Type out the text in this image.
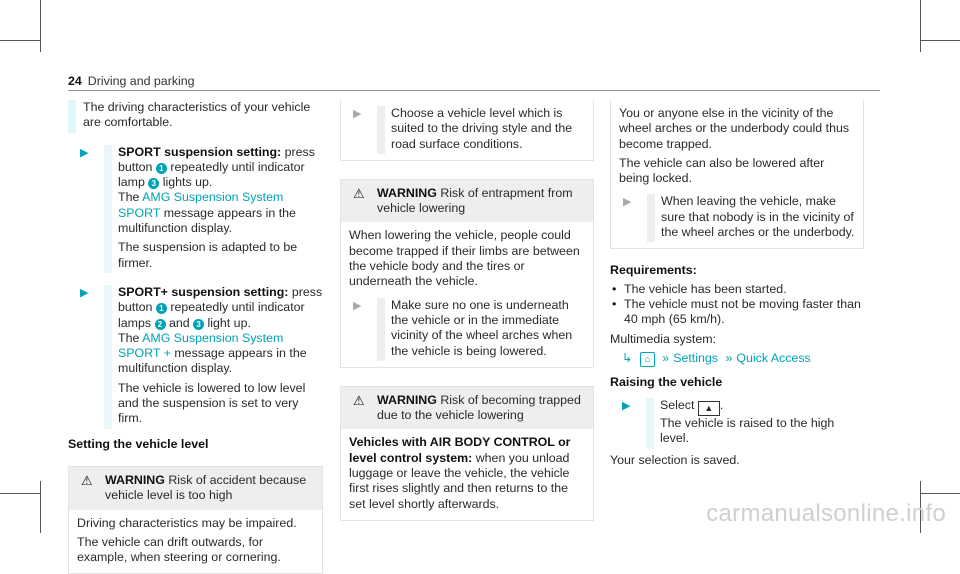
24 Driving and parking

The driving characteristics of your vehicle are comfortable.

▶ SPORT suspension setting: press button 1 repeatedly until indicator lamp 3 lights up.
The AMG Suspension System SPORT message appears in the multifunction display.

The suspension is adapted to be firmer.

▶ SPORT+ suspension setting: press button 1 repeatedly until indicator lamps 2 and 3 light up.
The AMG Suspension System SPORT + message appears in the multifunction display.

The vehicle is lowered to low level and the suspension is set to very firm.

Setting the vehicle level

⚠ WARNING Risk of accident because vehicle level is too high

Driving characteristics may be impaired.

The vehicle can drift outwards, for example, when steering or cornering.

▶ Choose a vehicle level which is suited to the driving style and the road surface conditions.

⚠ WARNING Risk of entrapment from vehicle lowering

When lowering the vehicle, people could become trapped if their limbs are between the vehicle body and the tires or underneath the vehicle.

▶ Make sure no one is underneath the vehicle or in the immediate vicinity of the wheel arches when the vehicle is being lowered.

⚠ WARNING Risk of becoming trapped due to the vehicle lowering

Vehicles with AIR BODY CONTROL or level control system: when you unload luggage or leave the vehicle, the vehicle first rises slightly and then returns to the set level shortly afterwards.

You or anyone else in the vicinity of the wheel arches or the underbody could thus become trapped.

The vehicle can also be lowered after being locked.

▶ When leaving the vehicle, make sure that nobody is in the vicinity of the wheel arches or the underbody.

Requirements:

• The vehicle has been started.
• The vehicle must not be moving faster than 40 mph (65 km/h).

Multimedia system:

↳ ⌂ » Settings » Quick Access

Raising the vehicle

▶ Select ▲ .

The vehicle is raised to the high level.

Your selection is saved.

carmanualsonline.info
